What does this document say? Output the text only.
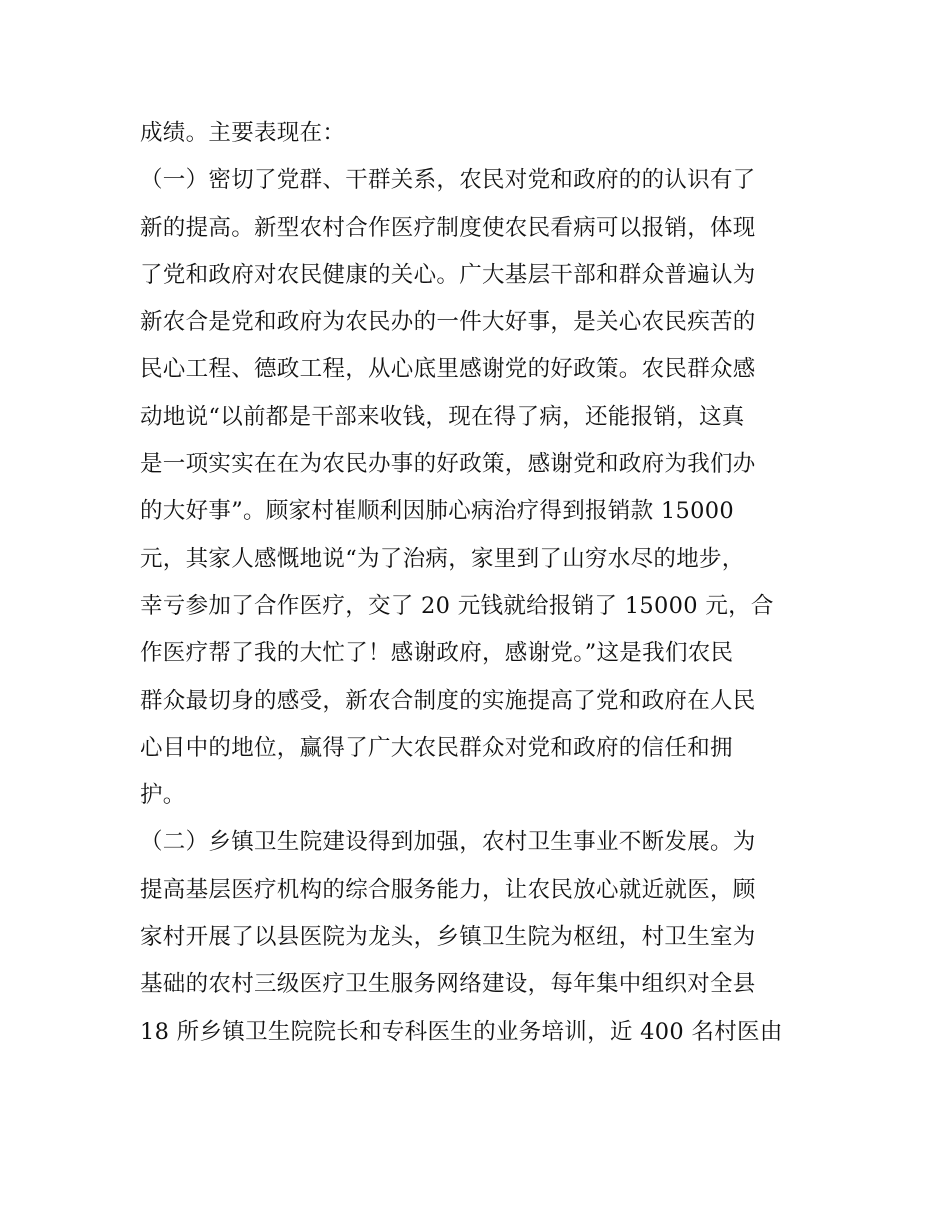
成绩。主要表现在：
（一）密切了党群、干群关系，农民对党和政府的的认识有了
新的提高。新型农村合作医疗制度使农民看病可以报销，体现
了党和政府对农民健康的关心。广大基层干部和群众普遍认为
新农合是党和政府为农民办的一件大好事，是关心农民疾苦的
民心工程、德政工程，从心底里感谢党的好政策。农民群众感
动地说“以前都是干部来收钱，现在得了病，还能报销，这真
是一项实实在在为农民办事的好政策，感谢党和政府为我们办
的大好事”。顾家村崔顺利因肺心病治疗得到报销款 15000
元，其家人感慨地说“为了治病，家里到了山穷水尽的地步，
幸亏参加了合作医疗，交了 20 元钱就给报销了 15000 元，合
作医疗帮了我的大忙了！感谢政府，感谢党。”这是我们农民
群众最切身的感受，新农合制度的实施提高了党和政府在人民
心目中的地位，赢得了广大农民群众对党和政府的信任和拥
护。
（二）乡镇卫生院建设得到加强，农村卫生事业不断发展。为
提高基层医疗机构的综合服务能力，让农民放心就近就医，顾
家村开展了以县医院为龙头，乡镇卫生院为枢纽，村卫生室为
基础的农村三级医疗卫生服务网络建设，每年集中组织对全县
18 所乡镇卫生院院长和专科医生的业务培训，近 400 名村医由
